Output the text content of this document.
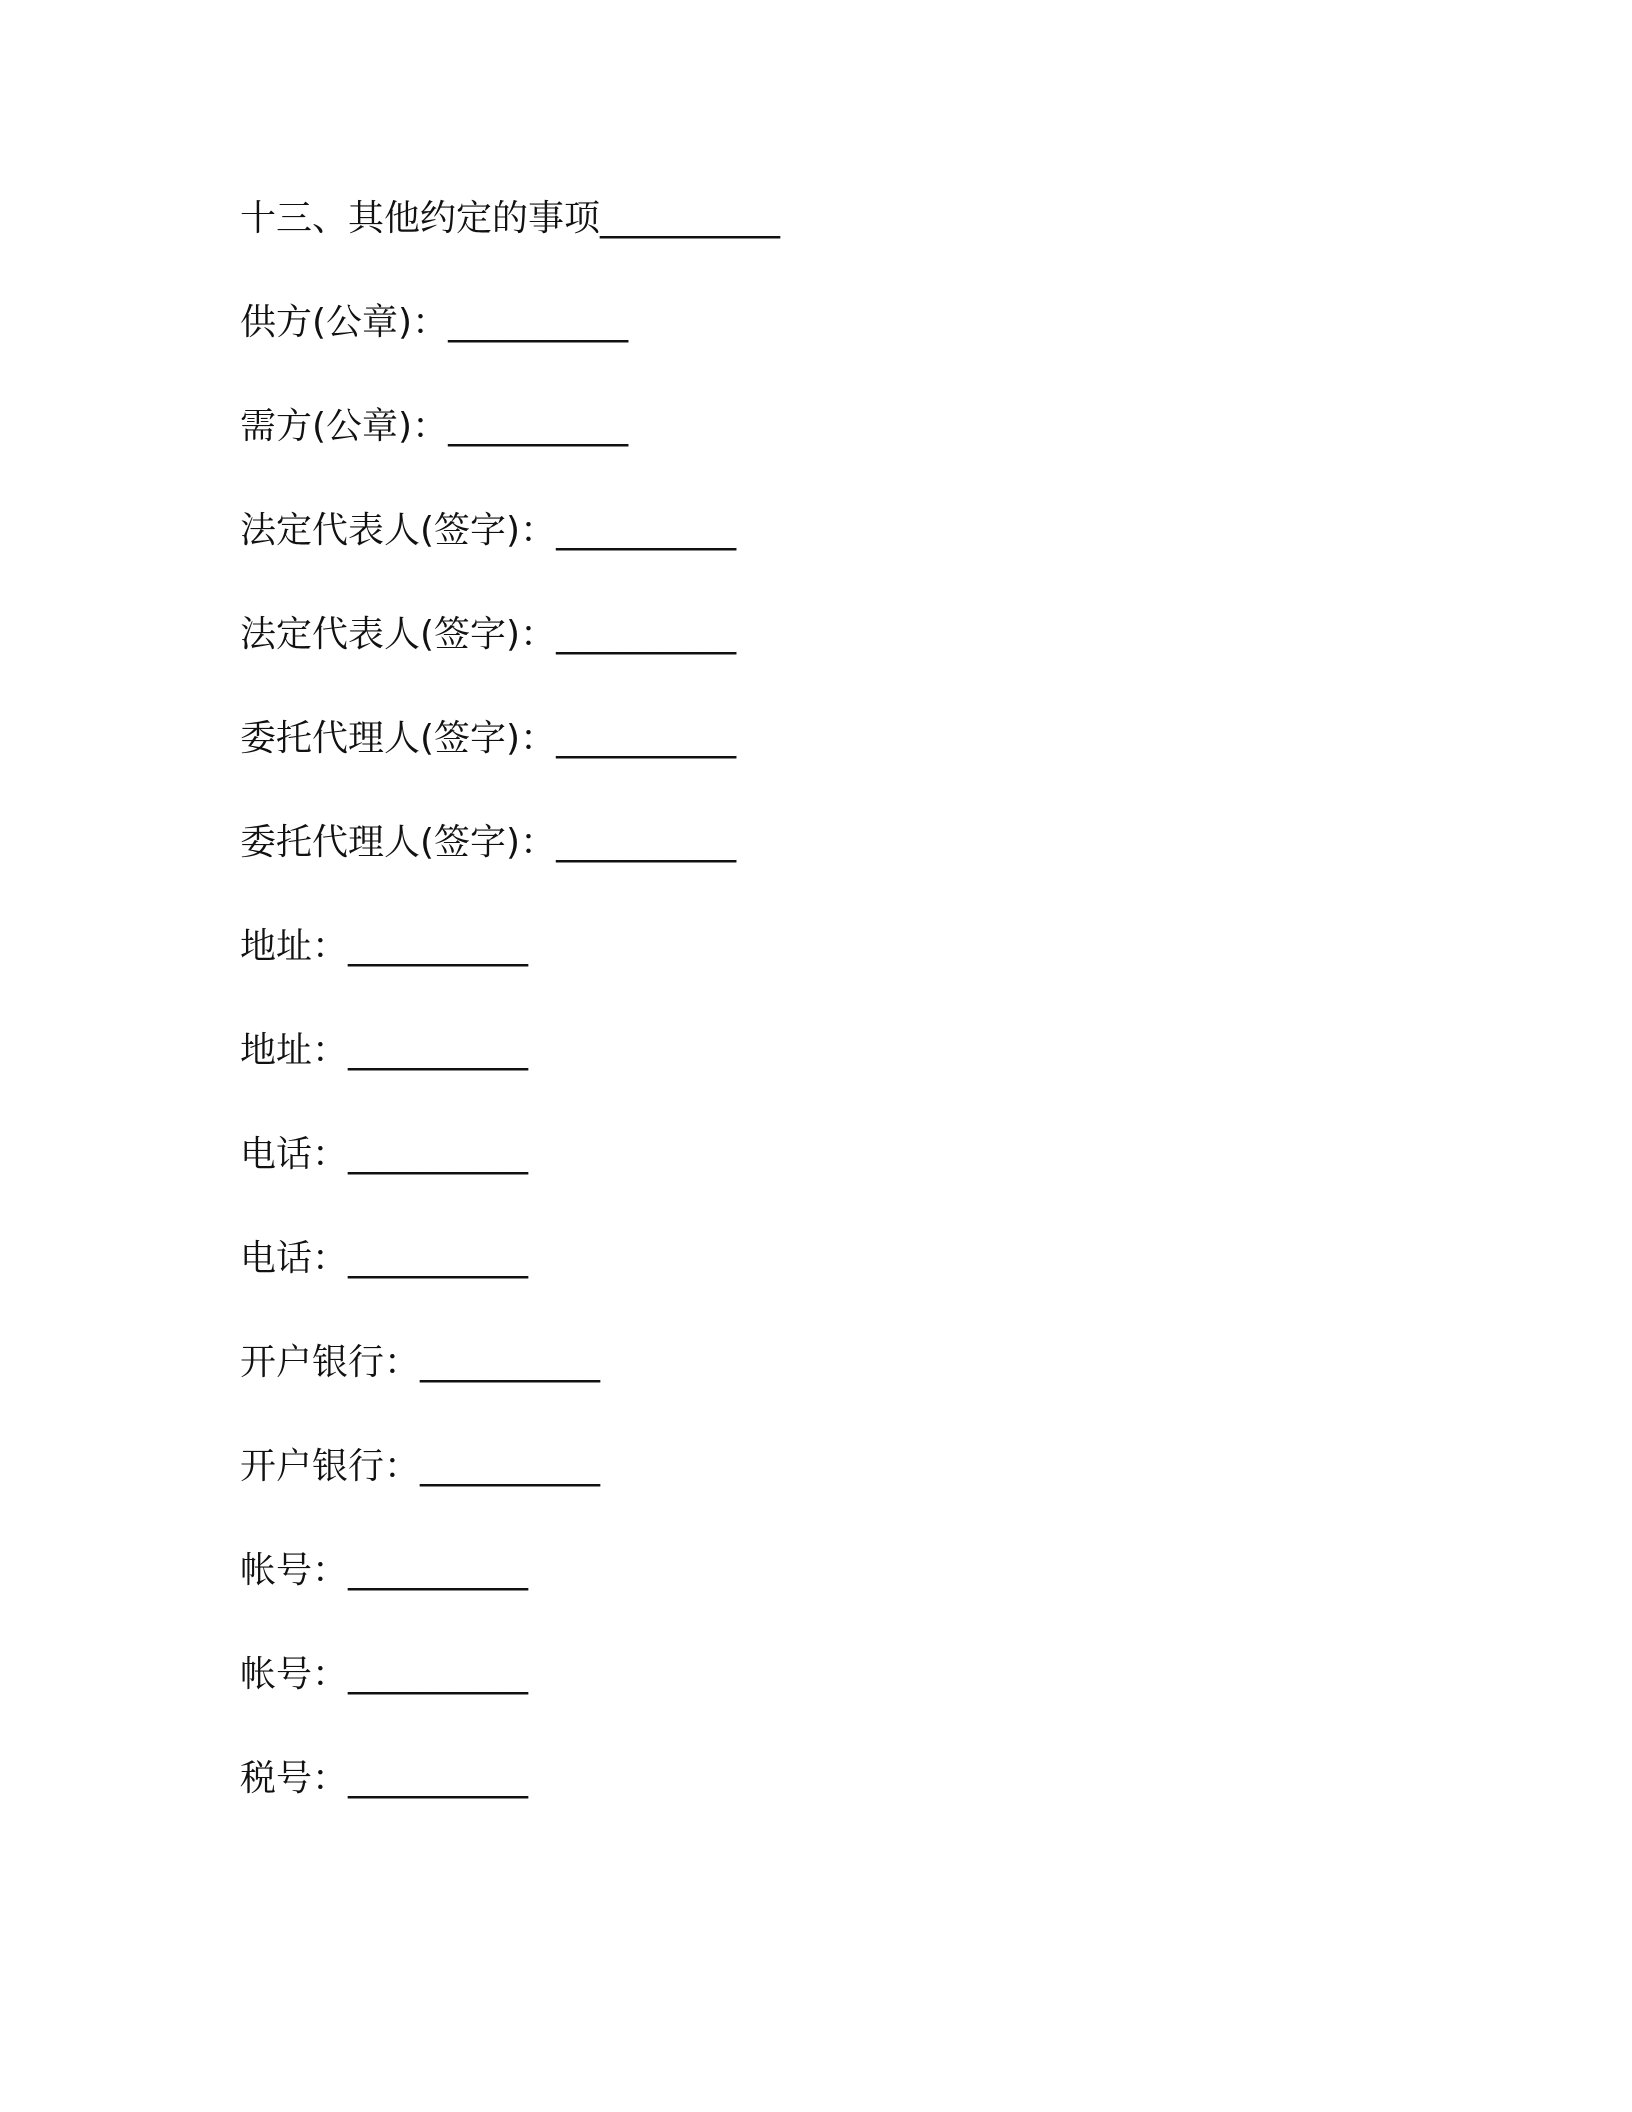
十三、其他约定的事项__________
供方(公章)：__________
需方(公章)：__________
法定代表人(签字)：__________
法定代表人(签字)：__________
委托代理人(签字)：__________
委托代理人(签字)：__________
地址：__________
地址：__________
电话：__________
电话：__________
开户银行：__________
开户银行：__________
帐号：__________
帐号：__________
税号：__________
